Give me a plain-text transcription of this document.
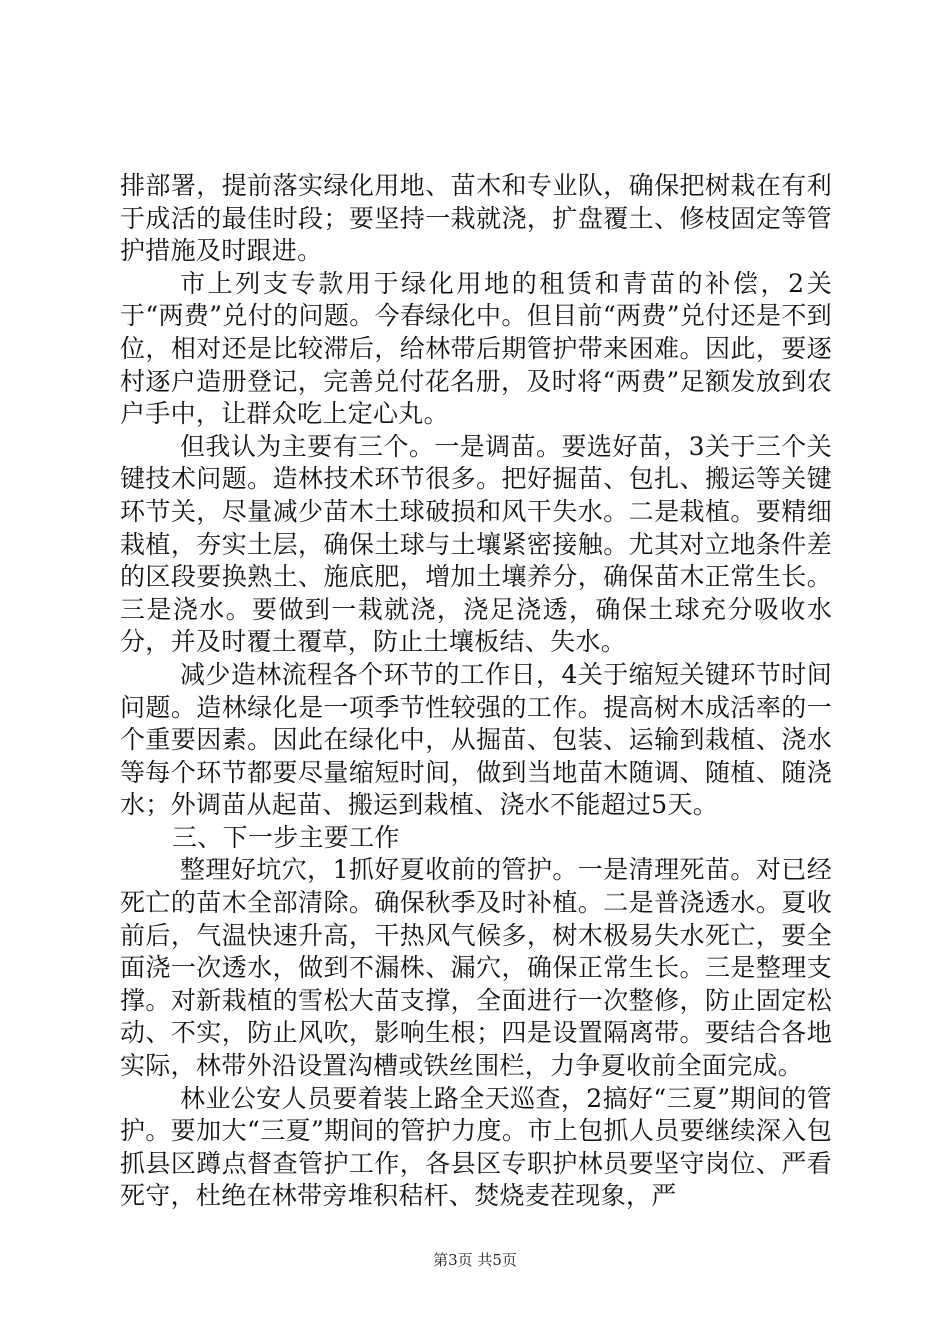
排部署，提前落实绿化用地、苗木和专业队，确保把树栽在有利于成活的最佳时段；要坚持一栽就浇，扩盘覆土、修枝固定等管护措施及时跟进。

市上列支专款用于绿化用地的租赁和青苗的补偿，2关于“两费”兑付的问题。今春绿化中。但目前“两费”兑付还是不到位，相对还是比较滞后，给林带后期管护带来困难。因此，要逐村逐户造册登记，完善兑付花名册，及时将“两费”足额发放到农户手中，让群众吃上定心丸。

但我认为主要有三个。一是调苗。要选好苗，3关于三个关键技术问题。造林技术环节很多。把好掘苗、包扎、搬运等关键环节关，尽量减少苗木土球破损和风干失水。二是栽植。要精细栽植，夯实土层，确保土球与土壤紧密接触。尤其对立地条件差的区段要换熟土、施底肥，增加土壤养分，确保苗木正常生长。三是浇水。要做到一栽就浇，浇足浇透，确保土球充分吸收水分，并及时覆土覆草，防止土壤板结、失水。

减少造林流程各个环节的工作日，4关于缩短关键环节时间问题。造林绿化是一项季节性较强的工作。提高树木成活率的一个重要因素。因此在绿化中，从掘苗、包装、运输到栽植、浇水等每个环节都要尽量缩短时间，做到当地苗木随调、随植、随浇水；外调苗从起苗、搬运到栽植、浇水不能超过5天。

三、下一步主要工作

整理好坑穴，1抓好夏收前的管护。一是清理死苗。对已经死亡的苗木全部清除。确保秋季及时补植。二是普浇透水。夏收前后，气温快速升高，干热风气候多，树木极易失水死亡，要全面浇一次透水，做到不漏株、漏穴，确保正常生长。三是整理支撑。对新栽植的雪松大苗支撑，全面进行一次整修，防止固定松动、不实，防止风吹，影响生根；四是设置隔离带。要结合各地实际，林带外沿设置沟槽或铁丝围栏，力争夏收前全面完成。

林业公安人员要着装上路全天巡查，2搞好“三夏”期间的管护。要加大“三夏”期间的管护力度。市上包抓人员要继续深入包抓县区蹲点督查管护工作，各县区专职护林员要坚守岗位、严看死守，杜绝在林带旁堆积秸杆、焚烧麦茬现象，严

第3页 共5页
